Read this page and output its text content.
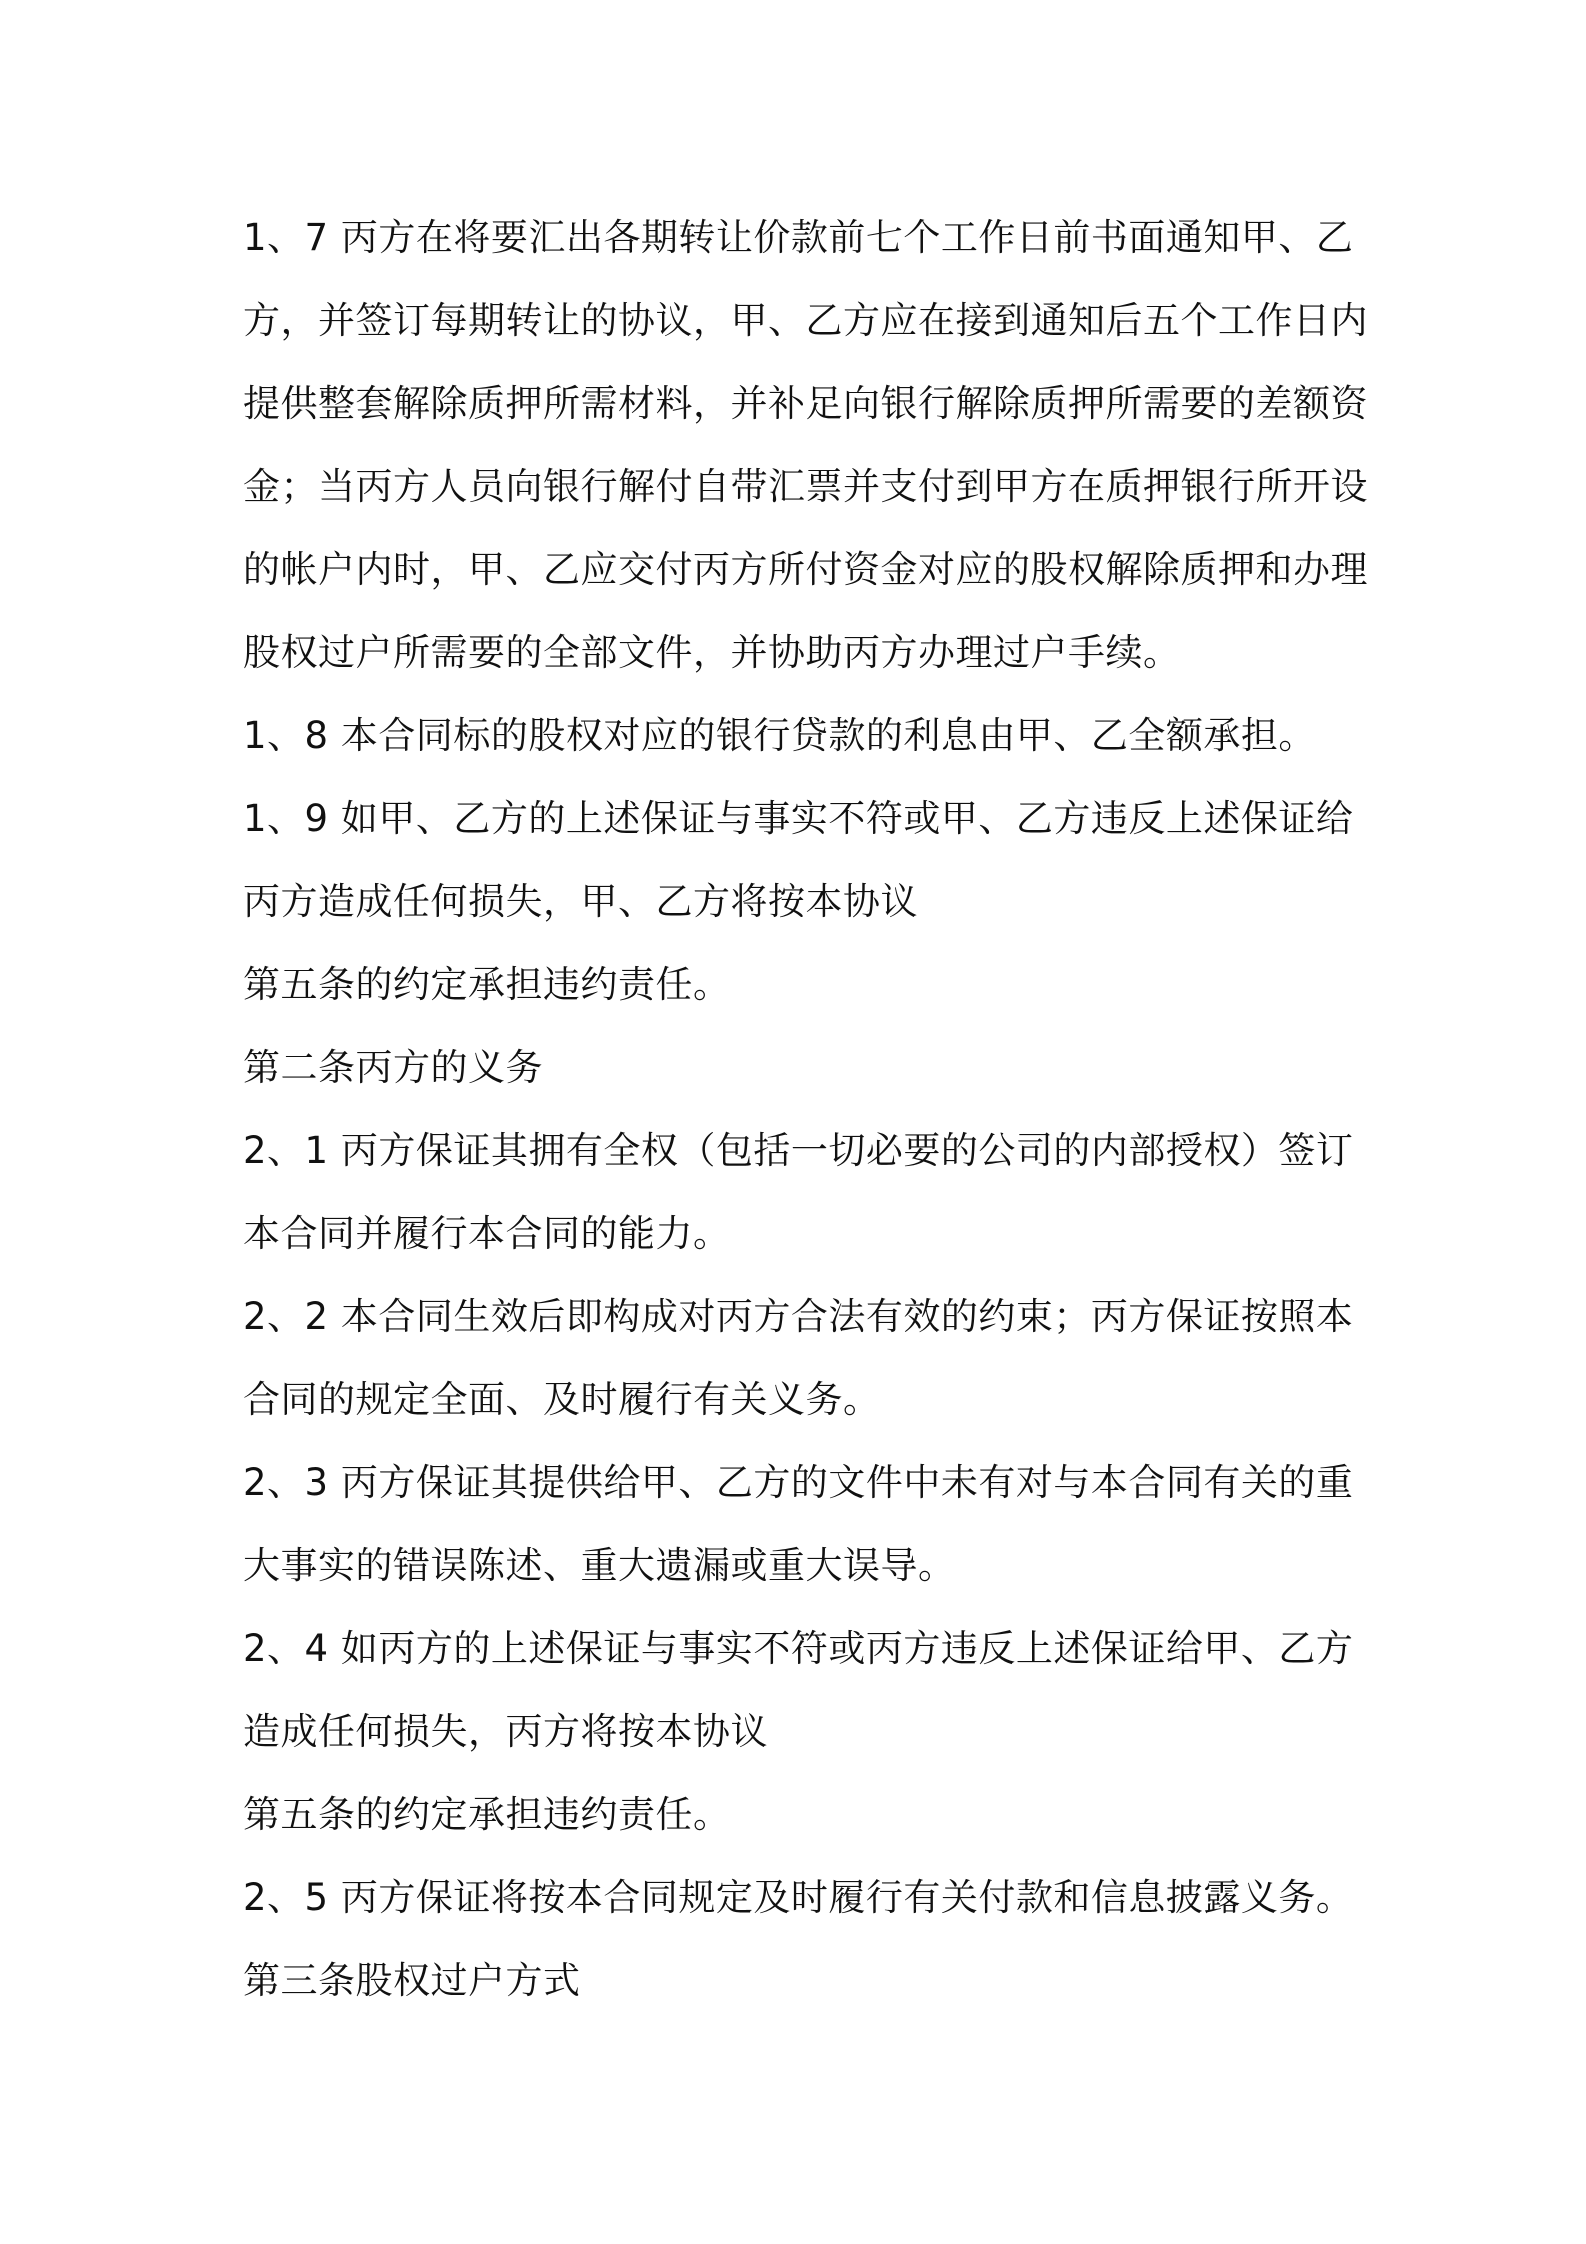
1、7 丙方在将要汇出各期转让价款前七个工作日前书面通知甲、乙
方，并签订每期转让的协议，甲、乙方应在接到通知后五个工作日内
提供整套解除质押所需材料，并补足向银行解除质押所需要的差额资
金；当丙方人员向银行解付自带汇票并支付到甲方在质押银行所开设
的帐户内时，甲、乙应交付丙方所付资金对应的股权解除质押和办理
股权过户所需要的全部文件，并协助丙方办理过户手续。

1、8 本合同标的股权对应的银行贷款的利息由甲、乙全额承担。

1、9 如甲、乙方的上述保证与事实不符或甲、乙方违反上述保证给
丙方造成任何损失，甲、乙方将按本协议

第五条的约定承担违约责任。

第二条丙方的义务

2、1 丙方保证其拥有全权（包括一切必要的公司的内部授权）签订
本合同并履行本合同的能力。

2、2 本合同生效后即构成对丙方合法有效的约束；丙方保证按照本
合同的规定全面、及时履行有关义务。

2、3 丙方保证其提供给甲、乙方的文件中未有对与本合同有关的重
大事实的错误陈述、重大遗漏或重大误导。

2、4 如丙方的上述保证与事实不符或丙方违反上述保证给甲、乙方
造成任何损失，丙方将按本协议

第五条的约定承担违约责任。

2、5 丙方保证将按本合同规定及时履行有关付款和信息披露义务。

第三条股权过户方式
